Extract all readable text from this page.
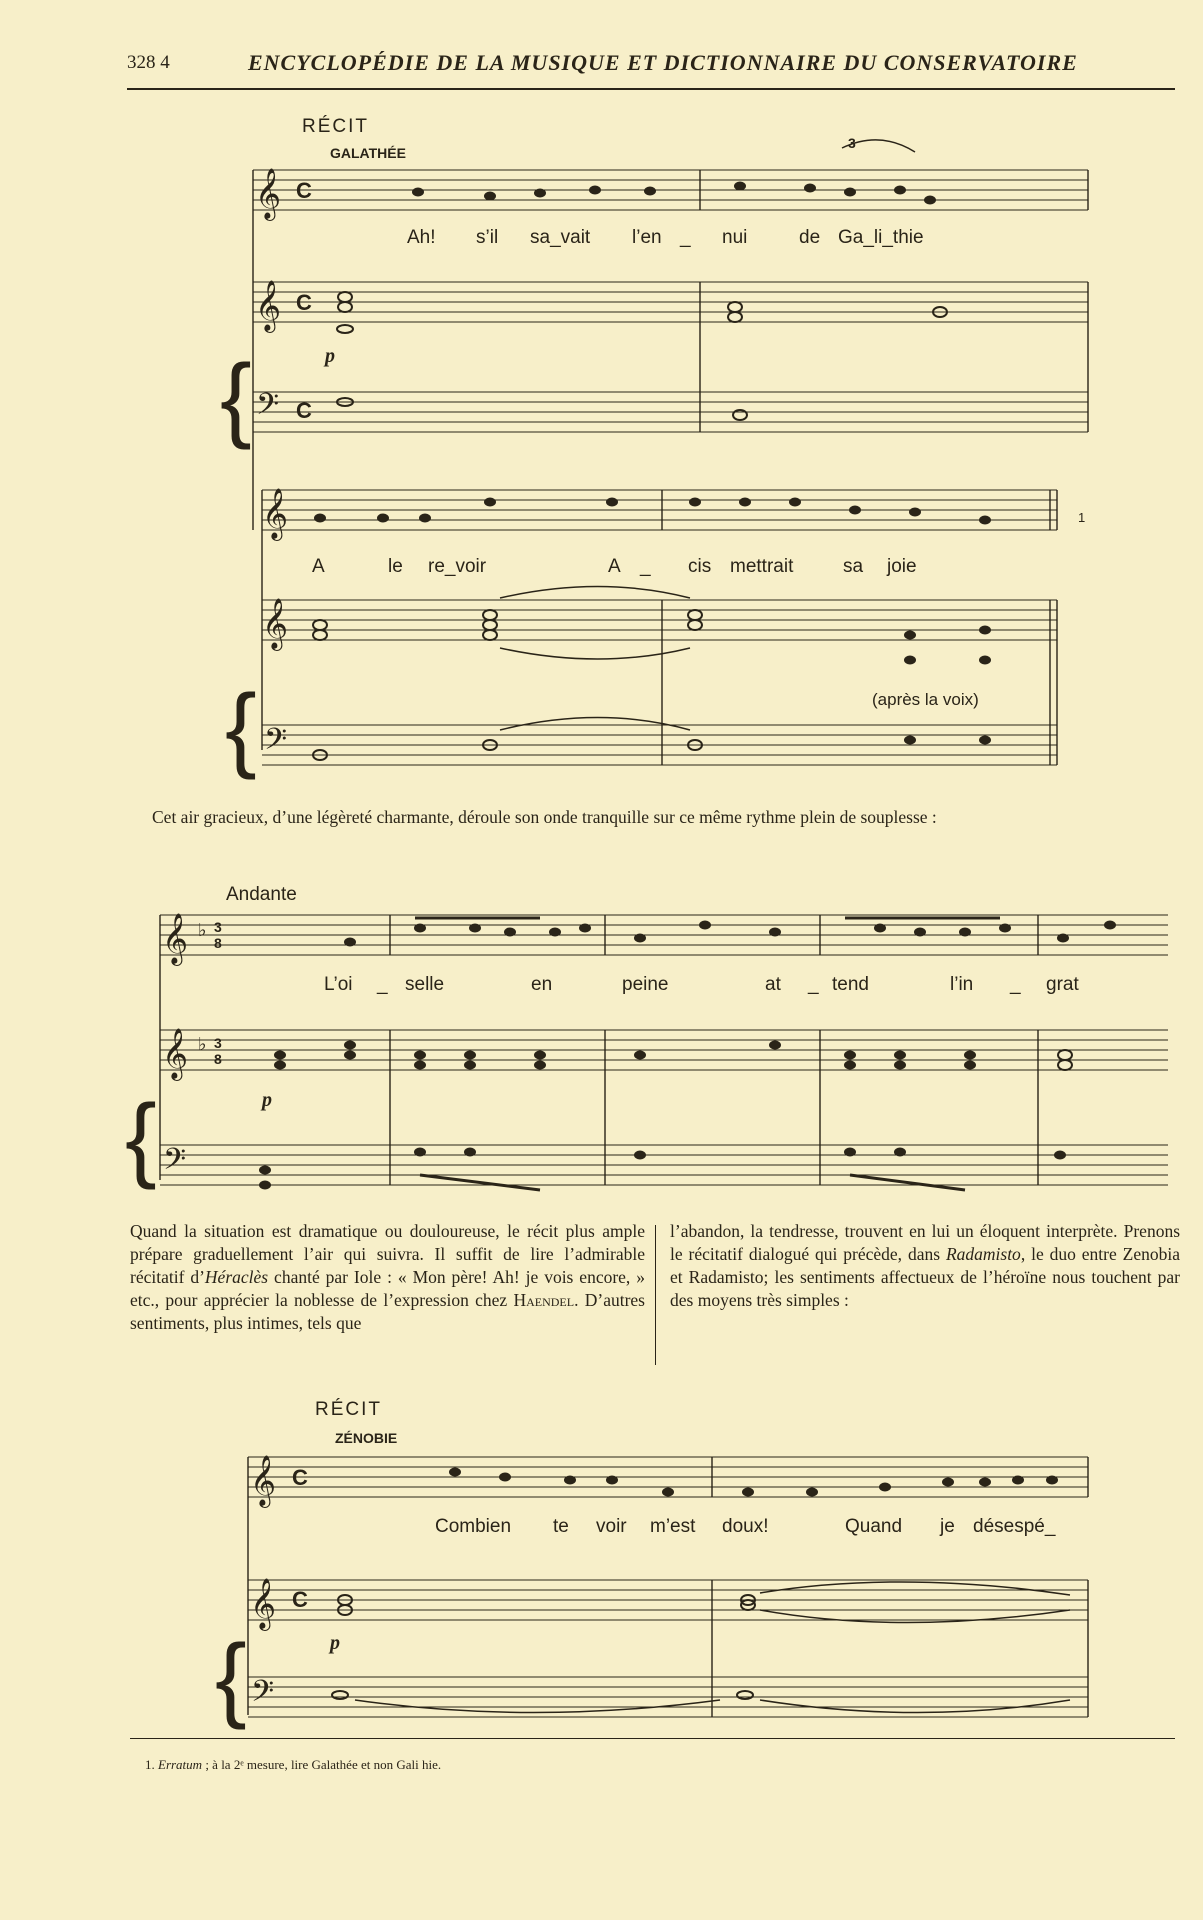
328 4	ENCYCLOPÉDIE DE LA MUSIQUE ET DICTIONNAIRE DU CONSERVATOIRE
RÉCIT
GALATHÉE
𝄞 C
3
Ah! s’il sa_vait l’en _ nui	de Ga_li_thie
𝄞 C
𝄢 C
{	p
𝄞	1
A	le re_voir	A _ cis mettrait	sa joie
𝄞
(après la voix)
𝄢
{

Cet air gracieux, d’une légèreté charmante, déroule son onde tranquille sur ce même rythme plein de souplesse :

Andante
𝄞 ♭ 3
8
L’oi _ selle	en	peine	at _ tend	l’in _ grat
𝄞 ♭ 3
8
p
𝄢
{

Quand la situation est dramatique ou douloureuse, le récit plus ample prépare graduellement l’air qui suivra. Il suffit de lire l’admirable récitatif d’Héraclès chanté par Iole : « Mon père! Ah! je vois encore, » etc., pour apprécier la noblesse de l’expression chez Haendel. D’autres sentiments, plus intimes, tels que

l’abandon, la tendresse, trouvent en lui un éloquent interprète. Prenons le récitatif dialogué qui précède, dans Radamisto, le duo entre Zenobia et Radamisto; les sentiments affectueux de l’héroïne nous touchent par des moyens très simples :

RÉCIT
ZÉNOBIE
𝄞 C
Combien te voir m’est doux!	Quand je désespé_
𝄞 C
p
𝄢
{
1. Erratum ; à la 2ᵉ mesure, lire Galathée et non Gali hie.
